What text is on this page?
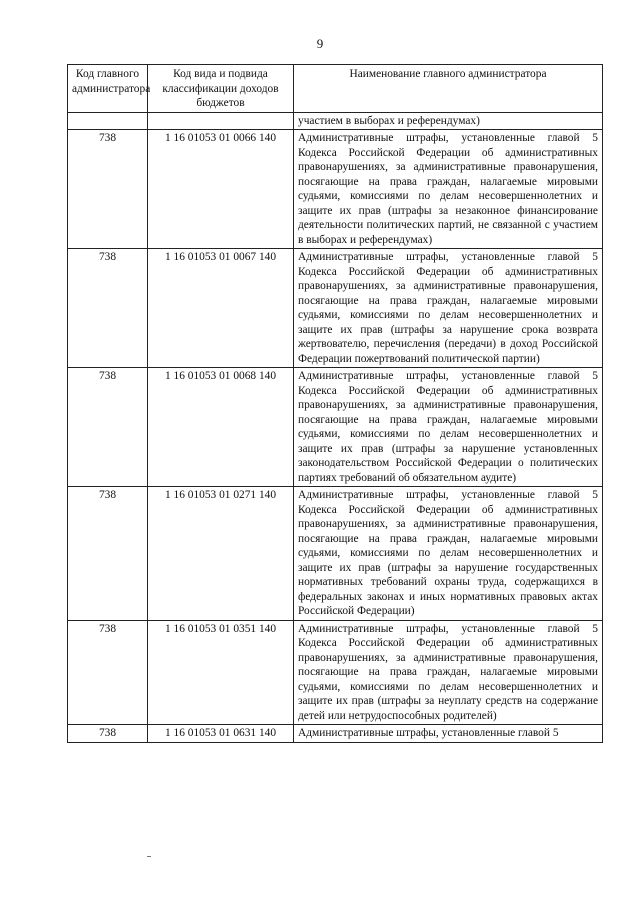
9
Код главного администратора	Код вида и подвида классификации доходов бюджетов	Наименование главного администратора

		участием в выборах и референдумах)

738	1 16 01053 01 0066 140	Административные штрафы, установленные главой 5 Кодекса Российской Федерации об административных правонарушениях, за административные правонарушения, посягающие на права граждан, налагаемые мировыми судьями, комиссиями по делам несовершеннолетних и защите их прав (штрафы за незаконное финансирование деятельности политических партий, не связанной с участием в выборах и референдумах)

738	1 16 01053 01 0067 140	Административные штрафы, установленные главой 5 Кодекса Российской Федерации об административных правонарушениях, за административные правонарушения, посягающие на права граждан, налагаемые мировыми судьями, комиссиями по делам несовершеннолетних и защите их прав (штрафы за нарушение срока возврата жертвователю, перечисления (передачи) в доход Российской Федерации пожертвований политической партии)

738	1 16 01053 01 0068 140	Административные штрафы, установленные главой 5 Кодекса Российской Федерации об административных правонарушениях, за административные правонарушения, посягающие на права граждан, налагаемые мировыми судьями, комиссиями по делам несовершеннолетних и защите их прав (штрафы за нарушение установленных законодательством Российской Федерации о политических партиях требований об обязательном аудите)

738	1 16 01053 01 0271 140	Административные штрафы, установленные главой 5 Кодекса Российской Федерации об административных правонарушениях, за административные правонарушения, посягающие на права граждан, налагаемые мировыми судьями, комиссиями по делам несовершеннолетних и защите их прав (штрафы за нарушение государственных нормативных требований охраны труда, содержащихся в федеральных законах и иных нормативных правовых актах Российской Федерации)

738	1 16 01053 01 0351 140	Административные штрафы, установленные главой 5 Кодекса Российской Федерации об административных правонарушениях, за административные правонарушения, посягающие на права граждан, налагаемые мировыми судьями, комиссиями по делам несовершеннолетних и защите их прав (штрафы за неуплату средств на содержание детей или нетрудоспособных родителей)

738	1 16 01053 01 0631 140	Административные штрафы, установленные главой 5
